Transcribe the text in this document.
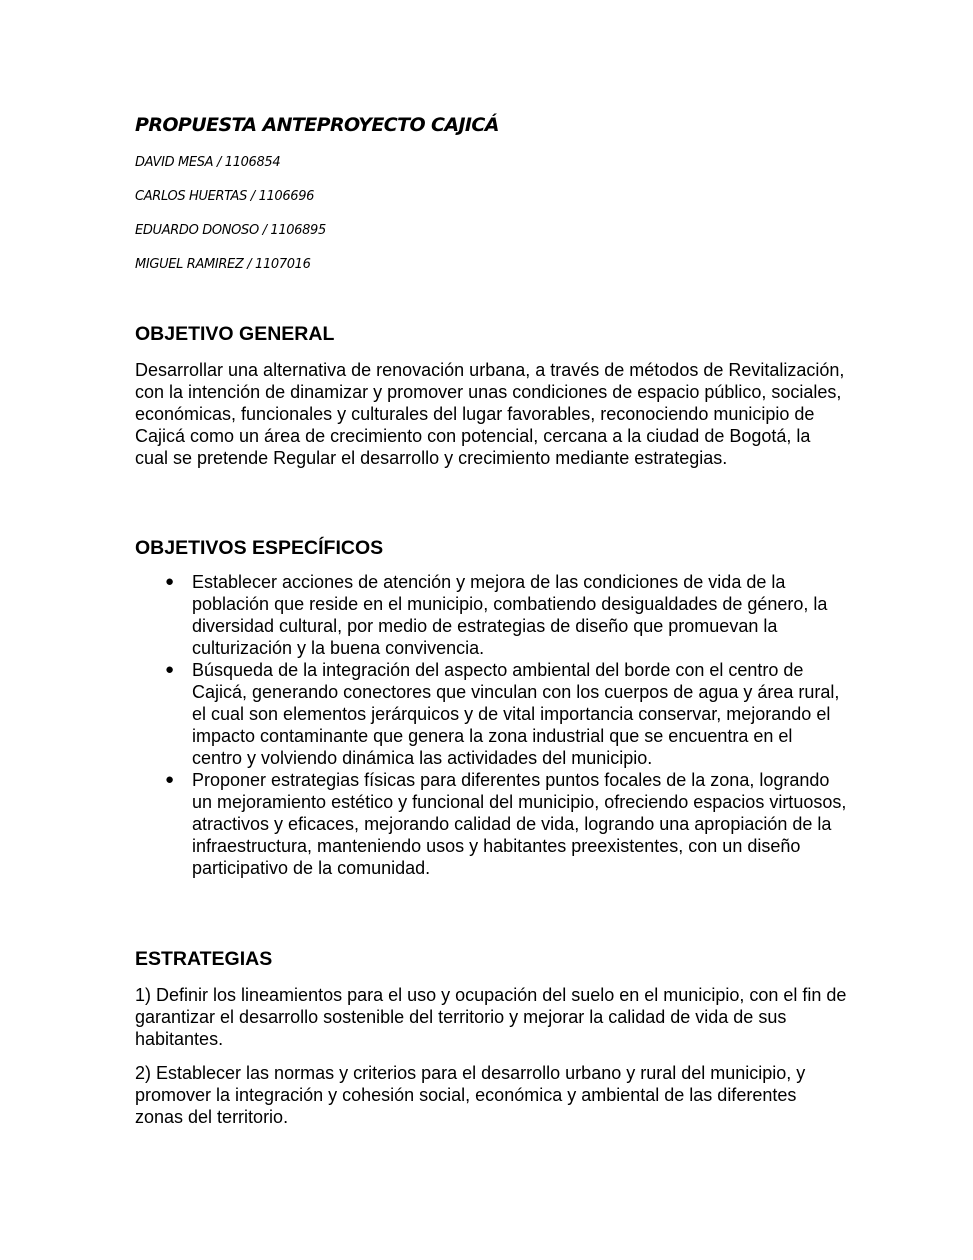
PROPUESTA ANTEPROYECTO CAJICÁ
DAVID MESA / 1106854
CARLOS HUERTAS / 1106696
EDUARDO DONOSO / 1106895
MIGUEL RAMIREZ / 1107016
OBJETIVO GENERAL
Desarrollar una alternativa de renovación urbana, a través de métodos de Revitalización, con la intención de dinamizar y promover unas condiciones de espacio público, sociales, económicas, funcionales y culturales del lugar favorables, reconociendo municipio de Cajicá como un área de crecimiento con potencial, cercana a la ciudad de Bogotá, la cual se pretende Regular el desarrollo y crecimiento mediante estrategias.
OBJETIVOS ESPECÍFICOS
● Establecer acciones de atención y mejora de las condiciones de vida de la población que reside en el municipio, combatiendo desigualdades de género, la diversidad cultural, por medio de estrategias de diseño que promuevan la culturización y la buena convivencia.
● Búsqueda de la integración del aspecto ambiental del borde con el centro de Cajicá, generando conectores que vinculan con los cuerpos de agua y área rural, el cual son elementos jerárquicos y de vital importancia conservar, mejorando el impacto contaminante que genera la zona industrial que se encuentra en el centro y volviendo dinámica las actividades del municipio.
● Proponer estrategias físicas para diferentes puntos focales de la zona, logrando un mejoramiento estético y funcional del municipio, ofreciendo espacios virtuosos, atractivos y eficaces, mejorando calidad de vida, logrando una apropiación de la infraestructura, manteniendo usos y habitantes preexistentes, con un diseño participativo de la comunidad.
ESTRATEGIAS
1) Definir los lineamientos para el uso y ocupación del suelo en el municipio, con el fin de garantizar el desarrollo sostenible del territorio y mejorar la calidad de vida de sus habitantes.
2) Establecer las normas y criterios para el desarrollo urbano y rural del municipio, y promover la integración y cohesión social, económica y ambiental de las diferentes zonas del territorio.
